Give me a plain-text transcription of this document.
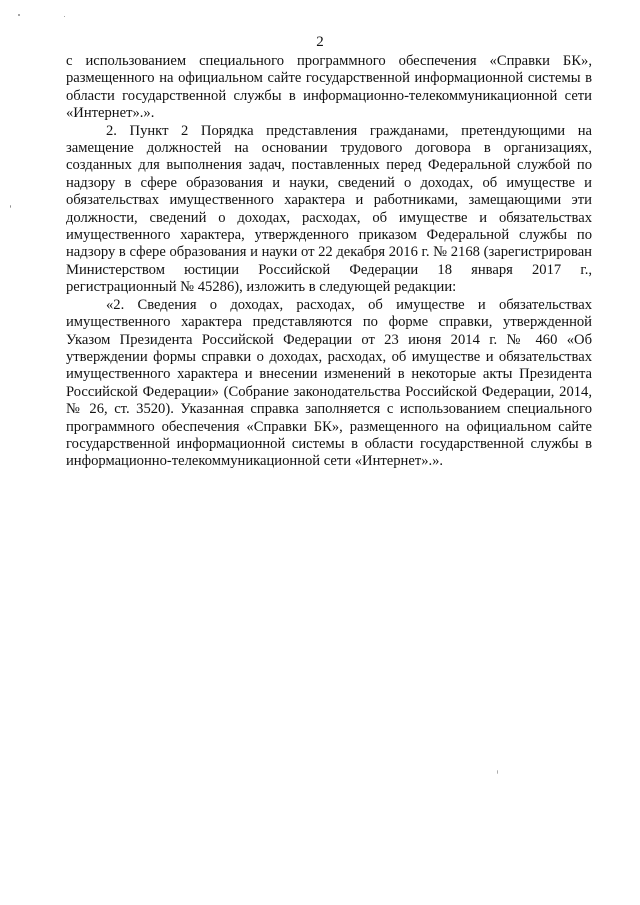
2

с использованием специального программного обеспечения «Справки БК», размещенного на официальном сайте государственной информационной системы в области государственной службы в информационно-телекоммуникационной сети «Интернет».».

2. Пункт 2 Порядка представления гражданами, претендующими на замещение должностей на основании трудового договора в организациях, созданных для выполнения задач, поставленных перед Федеральной службой по надзору в сфере образования и науки, сведений о доходах, об имуществе и обязательствах имущественного характера и работниками, замещающими эти должности, сведений о доходах, расходах, об имуществе и обязательствах имущественного характера, утвержденного приказом Федеральной службы по надзору в сфере образования и науки от 22 декабря 2016 г. № 2168 (зарегистрирован Министерством юстиции Российской Федерации 18 января 2017 г., регистрационный № 45286), изложить в следующей редакции:

«2. Сведения о доходах, расходах, об имуществе и обязательствах имущественного характера представляются по форме справки, утвержденной Указом Президента Российской Федерации от 23 июня 2014 г. № 460 «Об утверждении формы справки о доходах, расходах, об имуществе и обязательствах имущественного характера и внесении изменений в некоторые акты Президента Российской Федерации» (Собрание законодательства Российской Федерации, 2014, № 26, ст. 3520). Указанная справка заполняется с использованием специального программного обеспечения «Справки БК», размещенного на официальном сайте государственной информационной системы в области государственной службы в информационно-телекоммуникационной сети «Интернет».».
